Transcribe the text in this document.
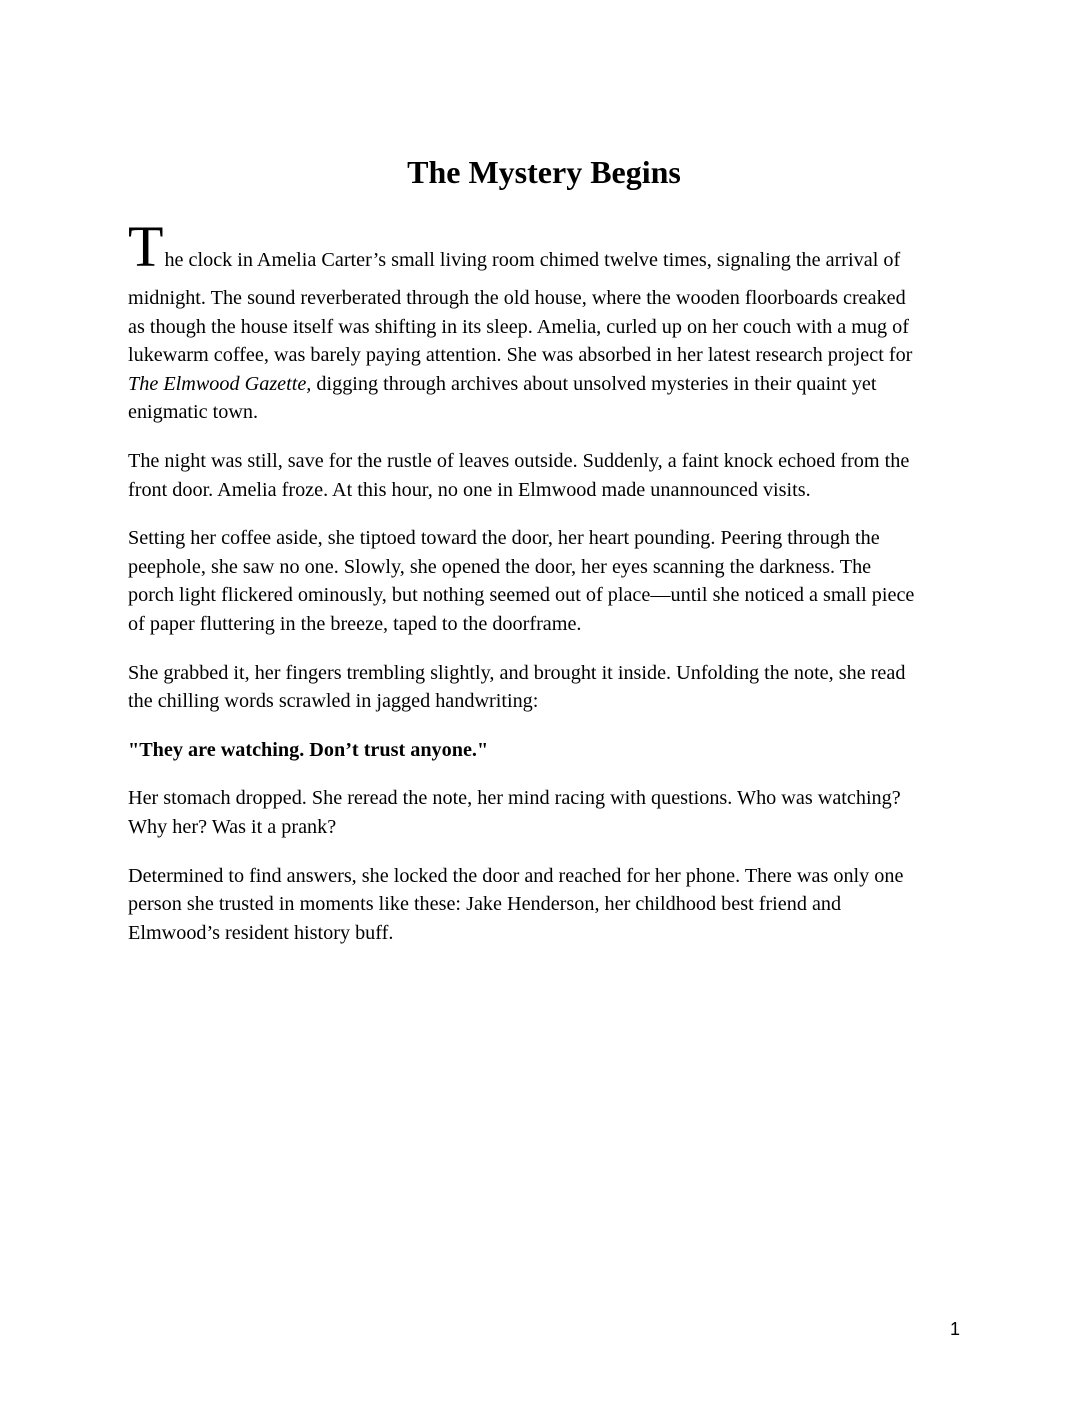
The Mystery Begins

The clock in Amelia Carter’s small living room chimed twelve times, signaling the arrival of
midnight. The sound reverberated through the old house, where the wooden floorboards creaked
as though the house itself was shifting in its sleep. Amelia, curled up on her couch with a mug of
lukewarm coffee, was barely paying attention. She was absorbed in her latest research project for
The Elmwood Gazette, digging through archives about unsolved mysteries in their quaint yet
enigmatic town.

The night was still, save for the rustle of leaves outside. Suddenly, a faint knock echoed from the
front door. Amelia froze. At this hour, no one in Elmwood made unannounced visits.

Setting her coffee aside, she tiptoed toward the door, her heart pounding. Peering through the
peephole, she saw no one. Slowly, she opened the door, her eyes scanning the darkness. The
porch light flickered ominously, but nothing seemed out of place—until she noticed a small piece
of paper fluttering in the breeze, taped to the doorframe.

She grabbed it, her fingers trembling slightly, and brought it inside. Unfolding the note, she read
the chilling words scrawled in jagged handwriting:

"They are watching. Don’t trust anyone."

Her stomach dropped. She reread the note, her mind racing with questions. Who was watching?
Why her? Was it a prank?

Determined to find answers, she locked the door and reached for her phone. There was only one
person she trusted in moments like these: Jake Henderson, her childhood best friend and
Elmwood’s resident history buff.

1
